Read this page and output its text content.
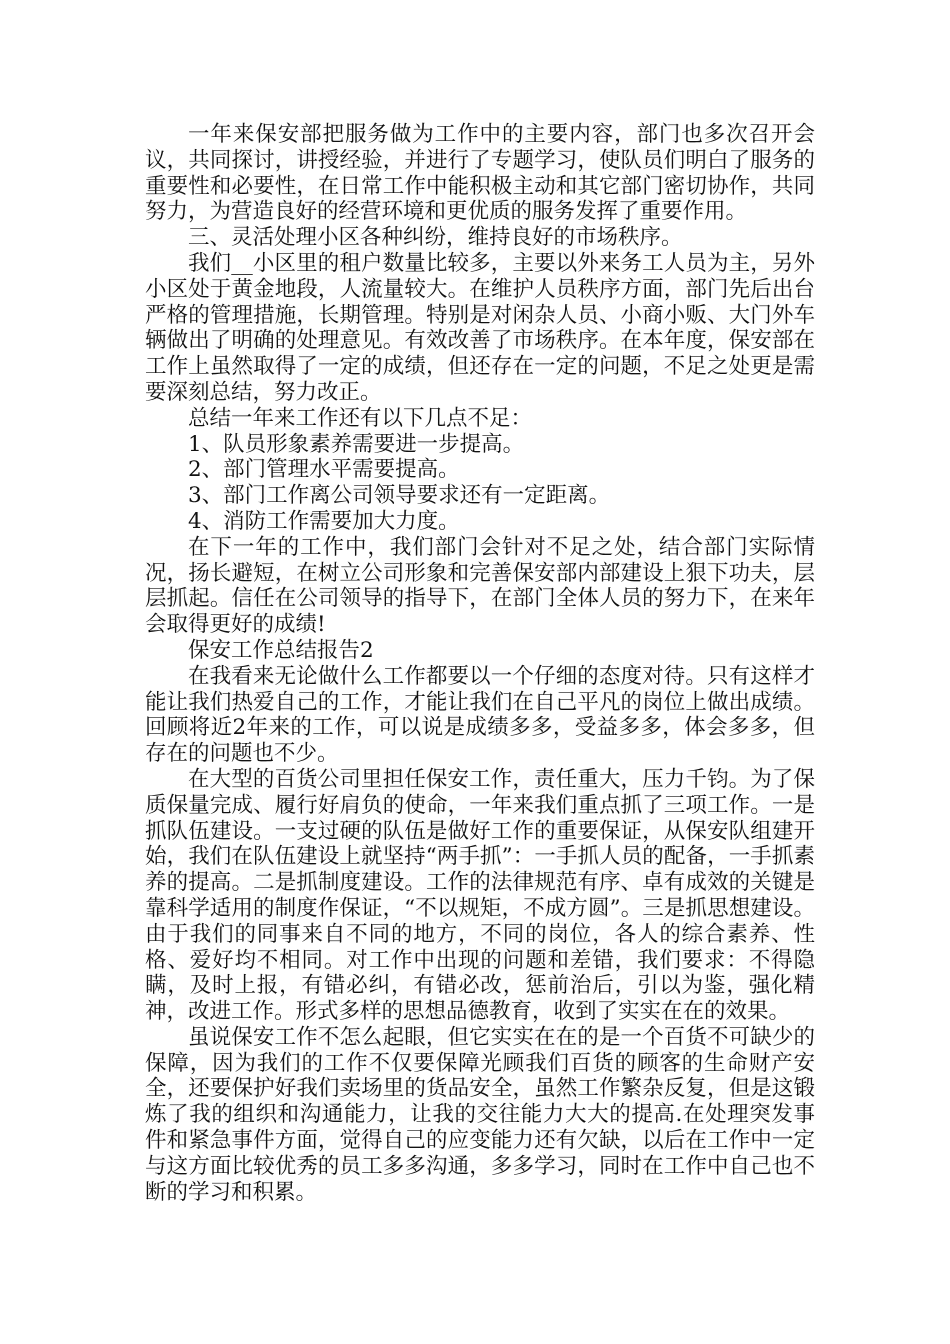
一年来保安部把服务做为工作中的主要内容，部门也多次召开会议，共同探讨，讲授经验，并进行了专题学习，使队员们明白了服务的重要性和必要性，在日常工作中能积极主动和其它部门密切协作，共同努力，为营造良好的经营环境和更优质的服务发挥了重要作用。

三、灵活处理小区各种纠纷，维持良好的市场秩序。

我们__小区里的租户数量比较多，主要以外来务工人员为主，另外小区处于黄金地段，人流量较大。在维护人员秩序方面，部门先后出台严格的管理措施，长期管理。特别是对闲杂人员、小商小贩、大门外车辆做出了明确的处理意见。有效改善了市场秩序。在本年度，保安部在工作上虽然取得了一定的成绩，但还存在一定的问题，不足之处更是需要深刻总结，努力改正。

总结一年来工作还有以下几点不足：

1、队员形象素养需要进一步提高。

2、部门管理水平需要提高。

3、部门工作离公司领导要求还有一定距离。

4、消防工作需要加大力度。

在下一年的工作中，我们部门会针对不足之处，结合部门实际情况，扬长避短，在树立公司形象和完善保安部内部建设上狠下功夫，层层抓起。信任在公司领导的指导下，在部门全体人员的努力下，在来年会取得更好的成绩!

保安工作总结报告2

在我看来无论做什么工作都要以一个仔细的态度对待。只有这样才能让我们热爱自己的工作，才能让我们在自己平凡的岗位上做出成绩。回顾将近2年来的工作，可以说是成绩多多，受益多多，体会多多，但存在的问题也不少。

在大型的百货公司里担任保安工作，责任重大，压力千钧。为了保质保量完成、履行好肩负的使命，一年来我们重点抓了三项工作。一是抓队伍建设。一支过硬的队伍是做好工作的重要保证，从保安队组建开始，我们在队伍建设上就坚持“两手抓”：一手抓人员的配备，一手抓素养的提高。二是抓制度建设。工作的法律规范有序、卓有成效的关键是靠科学适用的制度作保证，“不以规矩，不成方圆”。三是抓思想建设。由于我们的同事来自不同的地方，不同的岗位，各人的综合素养、性格、爱好均不相同。对工作中出现的问题和差错，我们要求：不得隐瞒，及时上报，有错必纠，有错必改，惩前治后，引以为鉴，强化精神，改进工作。形式多样的思想品德教育，收到了实实在在的效果。

虽说保安工作不怎么起眼，但它实实在在的是一个百货不可缺少的保障，因为我们的工作不仅要保障光顾我们百货的顾客的生命财产安全，还要保护好我们卖场里的货品安全，虽然工作繁杂反复，但是这锻炼了我的组织和沟通能力，让我的交往能力大大的提高.在处理突发事件和紧急事件方面，觉得自己的应变能力还有欠缺，以后在工作中一定与这方面比较优秀的员工多多沟通，多多学习，同时在工作中自己也不断的学习和积累。
